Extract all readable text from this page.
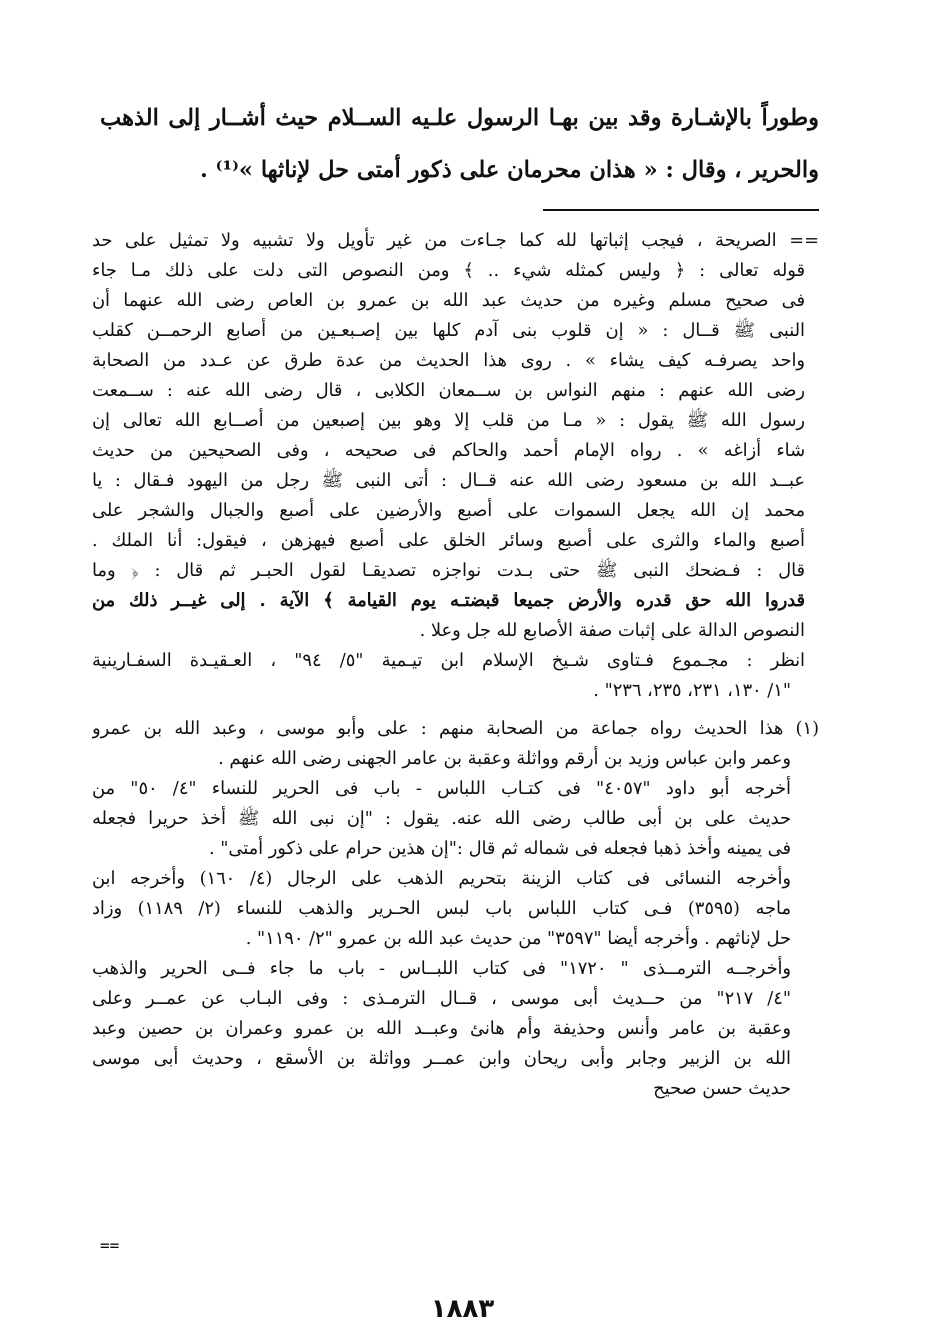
وطوراً بالإشـارة وقد بين بهـا الرسول علـيه الســلام حيث أشــار إلى الذهب

والحرير ، وقال : « هذان محرمان على ذكور أمتى حل لإناثها »⁽¹⁾ .

== الصريحة ، فيجب إثباتها لله كما جـاءت من غير تأويل ولا تشبيه ولا تمثيل على حد
قوله تعالى : ﴿ وليس كمثله شيء .. ﴾ ومن النصوص التى دلت على ذلك مـا جاء
فى صحيح مسلم وغيره من حديث عبد الله بن عمرو بن العاص رضى الله عنهما أن
النبى ﷺ قــال : « إن قلوب بنى آدم كلها بين إصـبعـين من أصابع الرحمــن كقلب
واحد يصرفـه كيف يشاء » . روى هذا الحديث من عدة طرق عن عـدد من الصحابة
رضى الله عنهم : منهم النواس بن ســمعان الكلابى ، قال رضى الله عنه : ســمعت
رسول الله ﷺ يقول : « مـا من قلب إلا وهو بين إصبعين من أصــابع الله تعالى إن
شاء أزاغه » . رواه الإمام أحمد والحاكم فى صحيحه ، وفى الصحيحين من حديث
عبــد الله بن مسعود رضى الله عنه قــال : أتى النبى ﷺ رجل من اليهود فـقال : يا
محمد إن الله يجعل السموات على أصبع والأرضين على أصبع والجبال والشجر على
أصبع والماء والثرى على أصبع وسائر الخلق على أصبع فيهزهن ، فيقول: أنا الملك .
قال : فـضحك النبى ﷺ حتى بـدت نواجزه تصديقـا لقول الحبـر ثم قال : ﴿ وما
قدروا الله حق قدره والأرض جميعا قبضتـه يوم القيامة ﴾ الآية . إلى غيــر ذلك من
النصوص الدالة على إثبات صفة الأصابع لله جل وعلا .
انظر : مجـموع فـتاوى شـيخ الإسلام ابن تيـمية "٥/ ٩٤" ، العـقيـدة السفـارينية
"١/ ١٣٠، ٢٣١، ٢٣٥، ٢٣٦" .
(١) هذا الحديث رواه جماعة من الصحابة منهم : على وأبو موسى ، وعبد الله بن عمرو
وعمر وابن عباس وزيد بن أرقم وواثلة وعقبة بن عامر الجهنى رضى الله عنهم .
أخرجه أبو داود "٤٠٥٧" فى كتـاب اللباس - باب فى الحرير للنساء "٤/ ٥٠" من
حديث على بن أبى طالب رضى الله عنه. يقول : "إن نبى الله ﷺ أخذ حريرا فجعله
فى يمينه وأخذ ذهبا فجعله فى شماله ثم قال :"إن هذين حرام على ذكور أمتى" .
وأخرجه النسائى فى كتاب الزينة بتحريم الذهب على الرجال (٤/ ١٦٠) وأخرجه ابن
ماجه (٣٥٩٥) فـى كتاب اللباس باب لبس الحـرير والذهب للنساء (٢/ ١١٨٩) وزاد
حل لإناثهم . وأخرجه أيضا "٣٥٩٧" من حديث عبد الله بن عمرو "٢/ ١١٩٠" .
وأخرجــه الترمــذى " ١٧٢٠" فى كتاب اللبــاس - باب ما جاء فــى الحرير والذهب
"٤/ ٢١٧" من حــديث أبى موسى ، قــال الترمـذى : وفى البـاب عن عمــر وعلى
وعقبة بن عامر وأنس وحذيفة وأم هانئ وعبــد الله بن عمرو وعمران بن حصين وعبد
الله بن الزبير وجابر وأبى ريحان وابن عمــر وواثلة بن الأسقع ، وحديث أبى موسى
حديث حسن صحيح
==
١٨٨٣
